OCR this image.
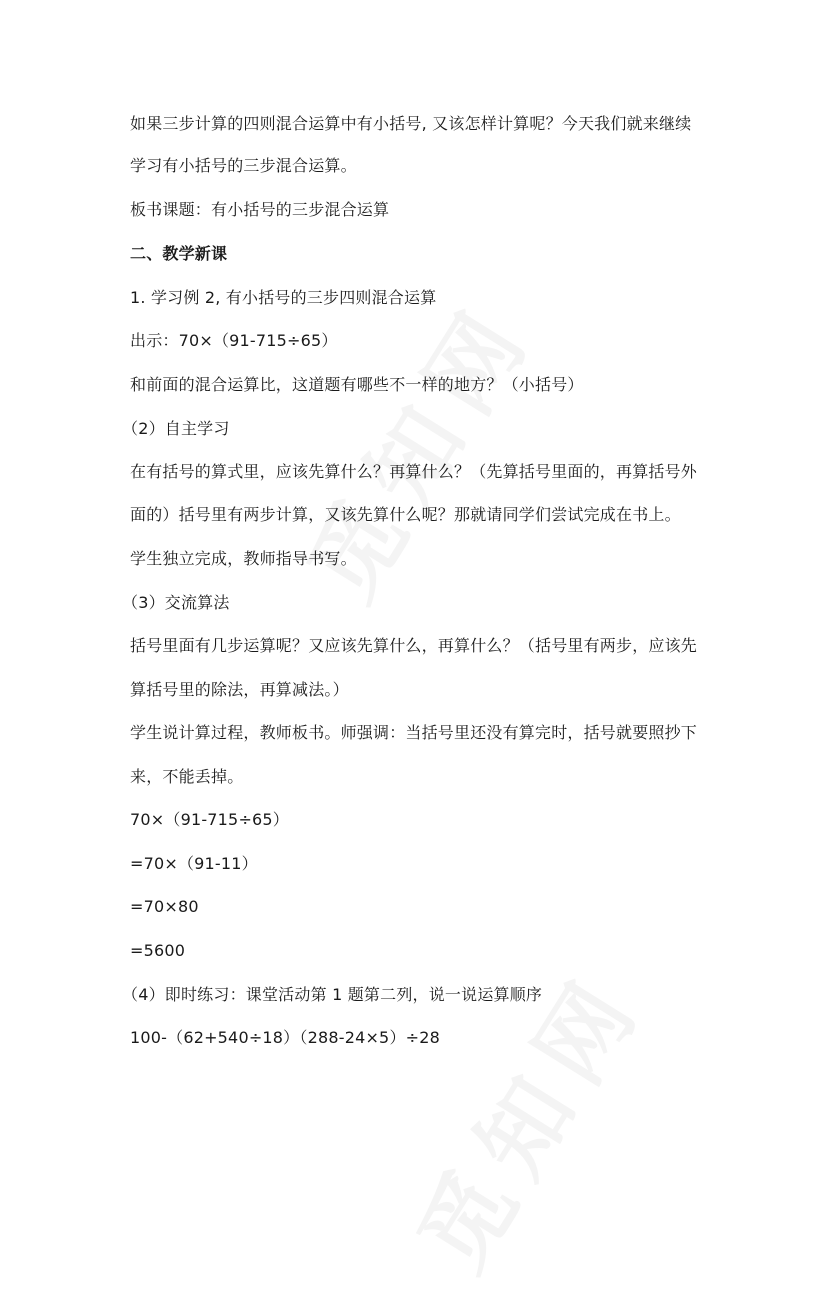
如果三步计算的四则混合运算中有小括号, 又该怎样计算呢？今天我们就来继续
学习有小括号的三步混合运算。
板书课题：有小括号的三步混合运算
二、教学新课
1. 学习例 2, 有小括号的三步四则混合运算
出示：70×（91-715÷65）
和前面的混合运算比，这道题有哪些不一样的地方？（小括号）
（2）自主学习
在有括号的算式里，应该先算什么？再算什么？（先算括号里面的，再算括号外
面的）括号里有两步计算，又该先算什么呢？那就请同学们尝试完成在书上。
学生独立完成，教师指导书写。
（3）交流算法
括号里面有几步运算呢？又应该先算什么，再算什么？（括号里有两步，应该先
算括号里的除法，再算减法。）
学生说计算过程，教师板书。师强调：当括号里还没有算完时，括号就要照抄下
来，不能丢掉。
70×（91-715÷65）
=70×（91-11）
=70×80
=5600
（4）即时练习：课堂活动第 1 题第二列，说一说运算顺序
100-（62+540÷18）（288-24×5）÷28
